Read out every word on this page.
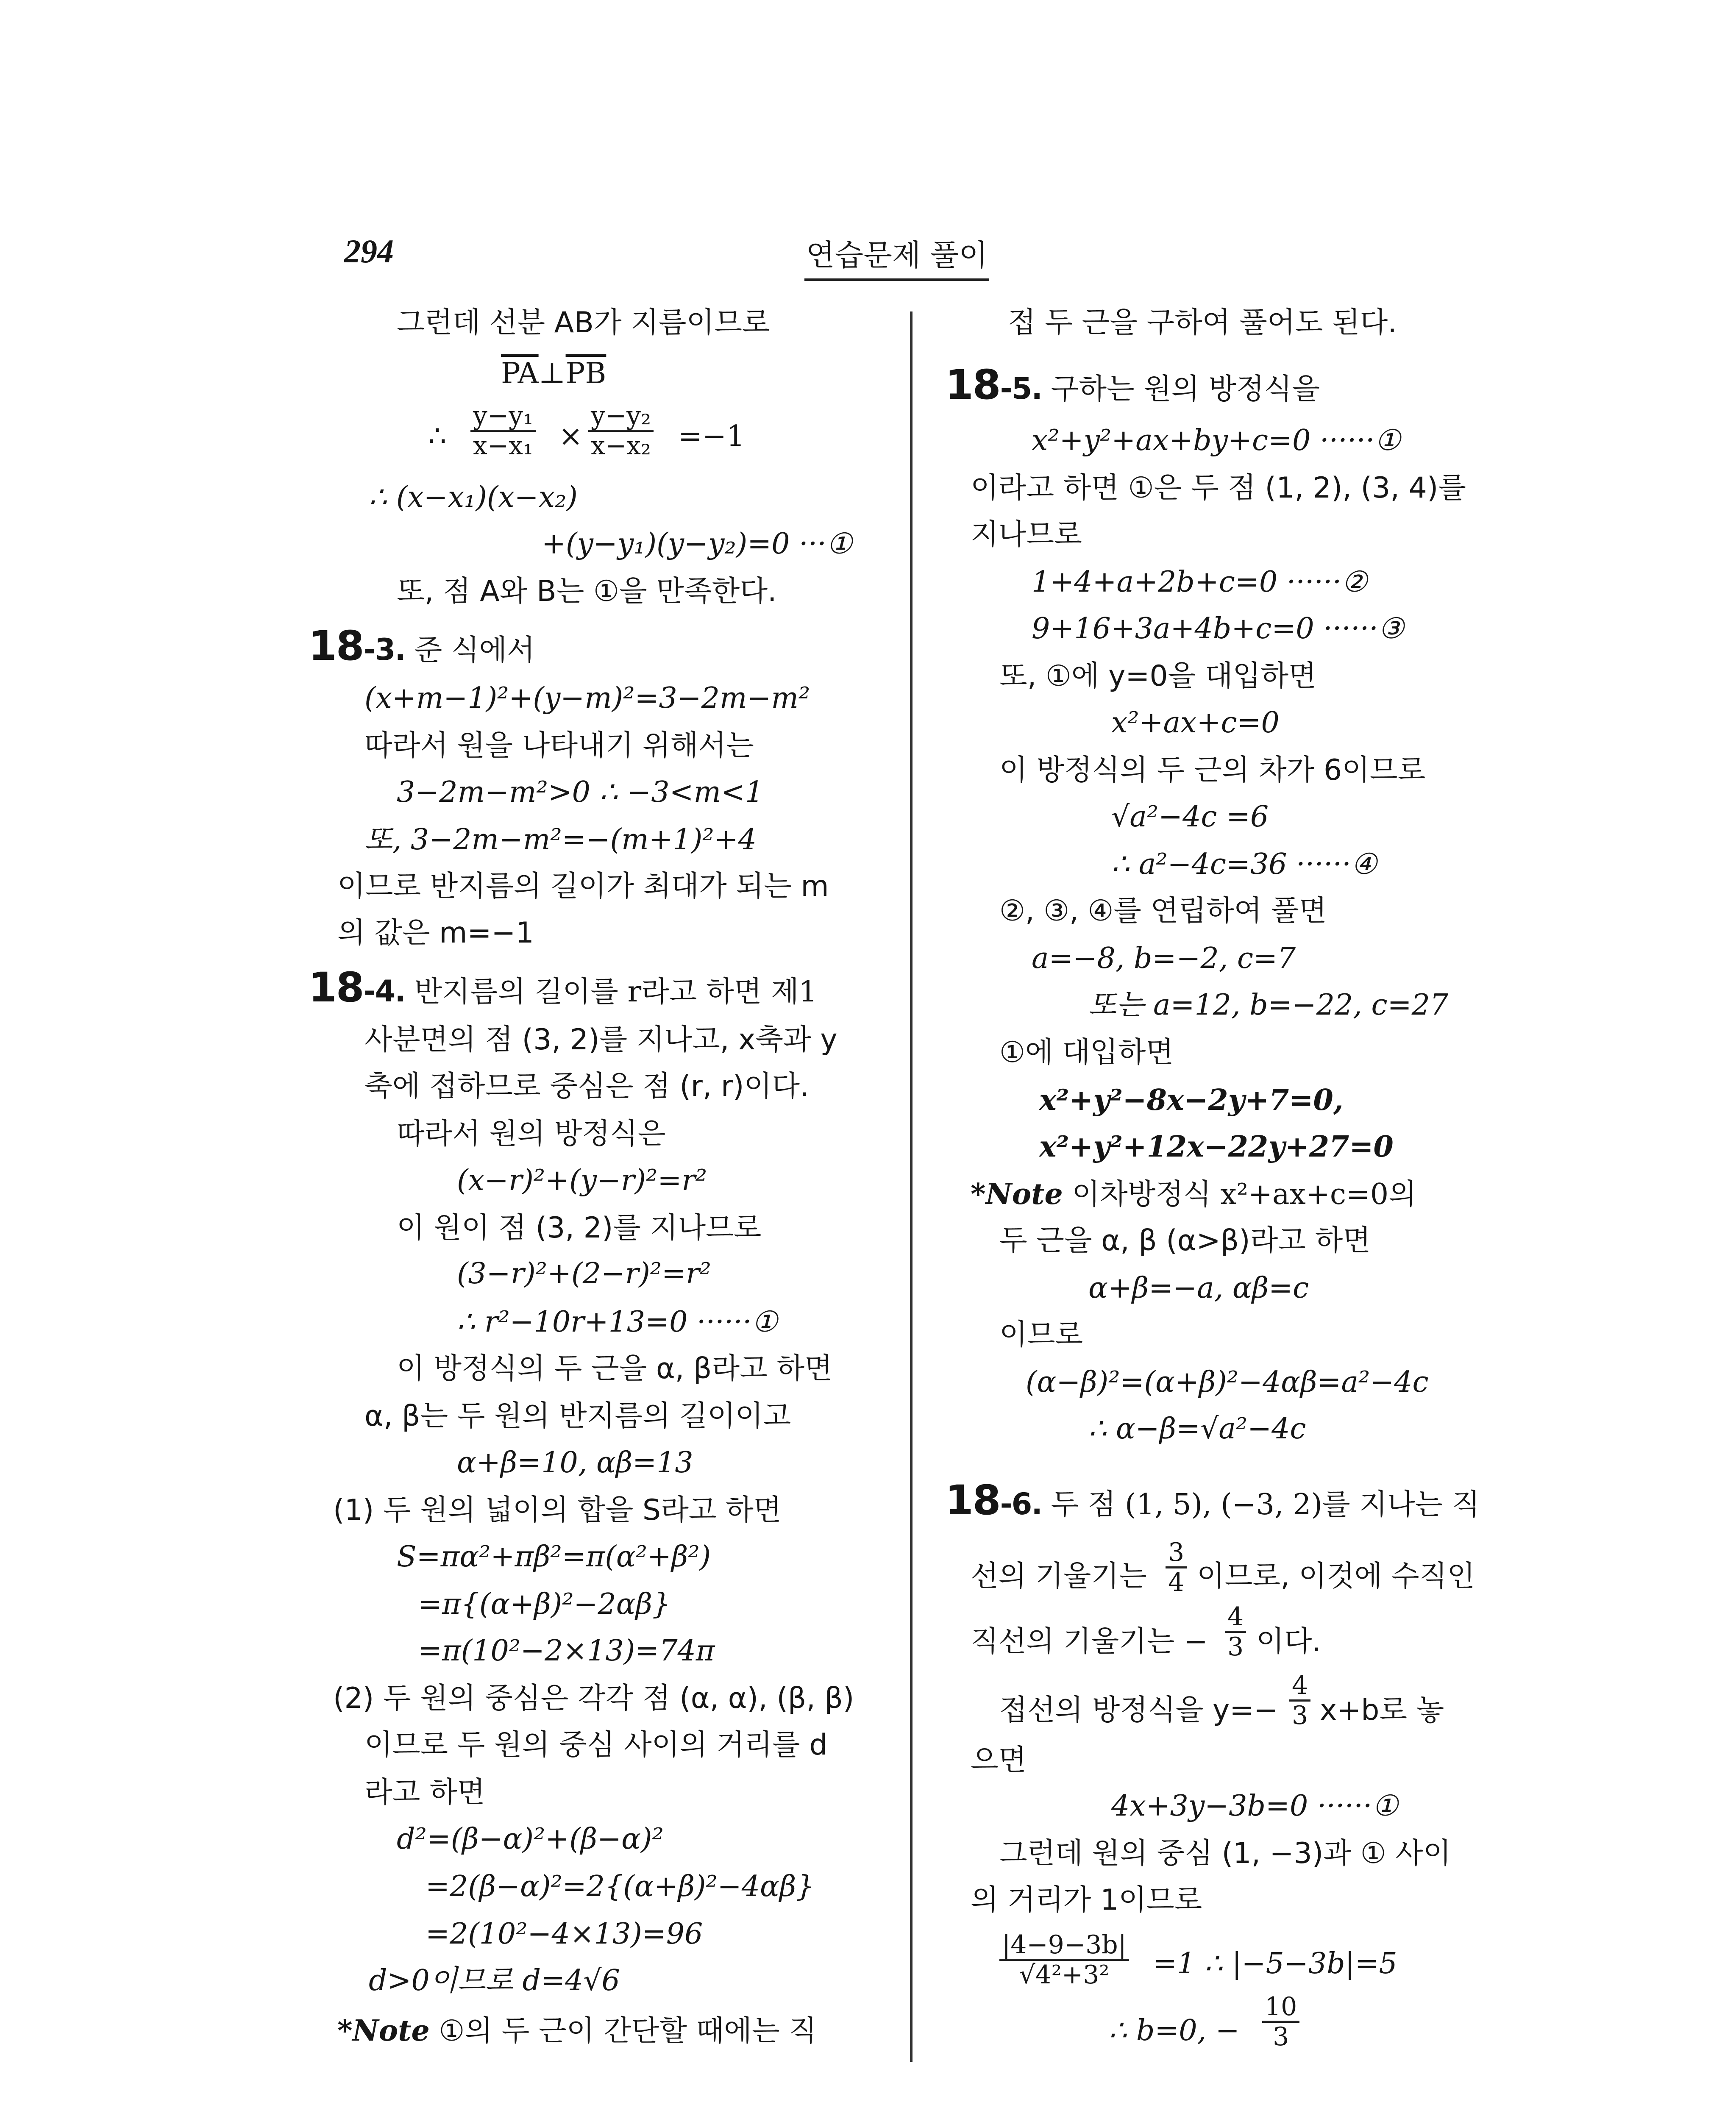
294	연습문제 풀이
그런데 선분 AB가 지름이므로
$\overline{PA}\perp\overline{PB}$
∴ $\frac{\text{y−y₁}}{\text{x−x₁}} \times \frac{\text{y−y₂}}{\text{x−x₂}} =-1$
∴ (x−x₁)(x−x₂)
+(y−y₁)(y−y₂)=0 ···①
또, 점 A와 B는 ①을 만족한다.
18-3. 준 식에서
(x+m−1)²+(y−m)²=3−2m−m²
따라서 원을 나타내기 위해서는
3−2m−m²>0 ∴ −3<m<1
또, 3−2m−m²=−(m+1)²+4
이므로 반지름의 길이가 최대가 되는 m
의 값은 m=−1
18-4. 반지름의 길이를 r라고 하면 제1
사분면의 점 (3, 2)를 지나고, x축과 y
축에 접하므로 중심은 점 (r, r)이다.
따라서 원의 방정식은
(x−r)²+(y−r)²=r²
이 원이 점 (3, 2)를 지나므로
(3−r)²+(2−r)²=r²
∴ r²−10r+13=0 ······①
이 방정식의 두 근을 α, β라고 하면
α, β는 두 원의 반지름의 길이이고
α+β=10, αβ=13
(1) 두 원의 넓이의 합을 S라고 하면
S=πα²+πβ²=π(α²+β²)
=π{(α+β)²−2αβ}
=π(10²−2×13)=74π
(2) 두 원의 중심은 각각 점 (α, α), (β, β)
이므로 두 원의 중심 사이의 거리를 d
라고 하면
d²=(β−α)²+(β−α)²
=2(β−α)²=2{(α+β)²−4αβ}
=2(10²−4×13)=96
d>0이므로 d=4√6
*Note ①의 두 근이 간단할 때에는 직
접 두 근을 구하여 풀어도 된다.
18-5. 구하는 원의 방정식을
x²+y²+ax+by+c=0 ······①
이라고 하면 ①은 두 점 (1, 2), (3, 4)를
지나므로
1+4+a+2b+c=0 ······②
9+16+3a+4b+c=0 ······③
또, ①에 y=0을 대입하면
x²+ax+c=0
이 방정식의 두 근의 차가 6이므로
√a²−4c =6
∴ a²−4c=36 ······④
②, ③, ④를 연립하여 풀면
a=−8, b=−2, c=7
또는 a=12, b=−22, c=27
①에 대입하면
x²+y²−8x−2y+7=0,
x²+y²+12x−22y+27=0
*Note 이차방정식 x²+ax+c=0의
두 근을 α, β (α>β)라고 하면
α+β=−a, αβ=c
이므로
(α−β)²=(α+β)²−4αβ=a²−4c
∴ α−β=√a²−4c
18-6. 두 점 (1, 5), (−3, 2)를 지나는 직
선의 기울기는 $\frac{3}{4}$ 이므로, 이것에 수직인
직선의 기울기는 − $\frac{4}{3}$ 이다.
접선의 방정식을 $y=- \frac{4}{3} x+b$로 놓
으면
4x+3y−3b=0 ······①
그런데 원의 중심 (1, −3)과 ① 사이
의 거리가 1이므로
$\frac{|4-9-3b|}{\text{√4²+3²}} =1$ ∴ |−5−3b|=5
∴ b=0, − $\frac{10}{3}$
